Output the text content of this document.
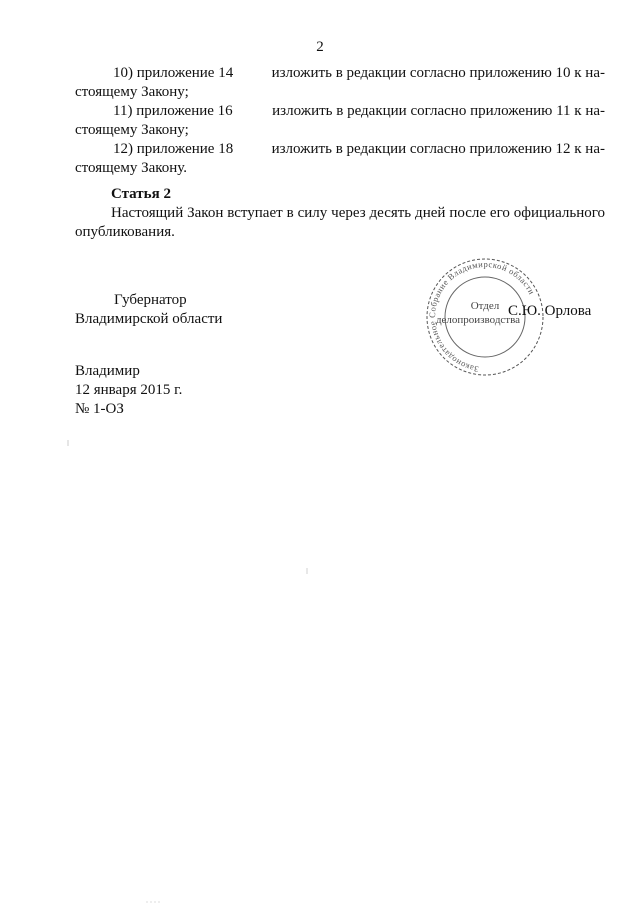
2
10) приложение 14	изложить в редакции согласно приложению 10 к на-
стоящему Закону;
11) приложение 16	изложить в редакции согласно приложению 11 к на-
стоящему Закону;
12) приложение 18	изложить в редакции согласно приложению 12 к на-
стоящему Закону.
Статья 2
Настоящий Закон вступает в силу через десять дней после его официального опубликования.
Губернатор
Владимирской области
Законодательное Собрание Владимирской области
Отдел
делопроизводства
С.Ю. Орлова
Владимир
12 января 2015 г.
№ 1-ОЗ
